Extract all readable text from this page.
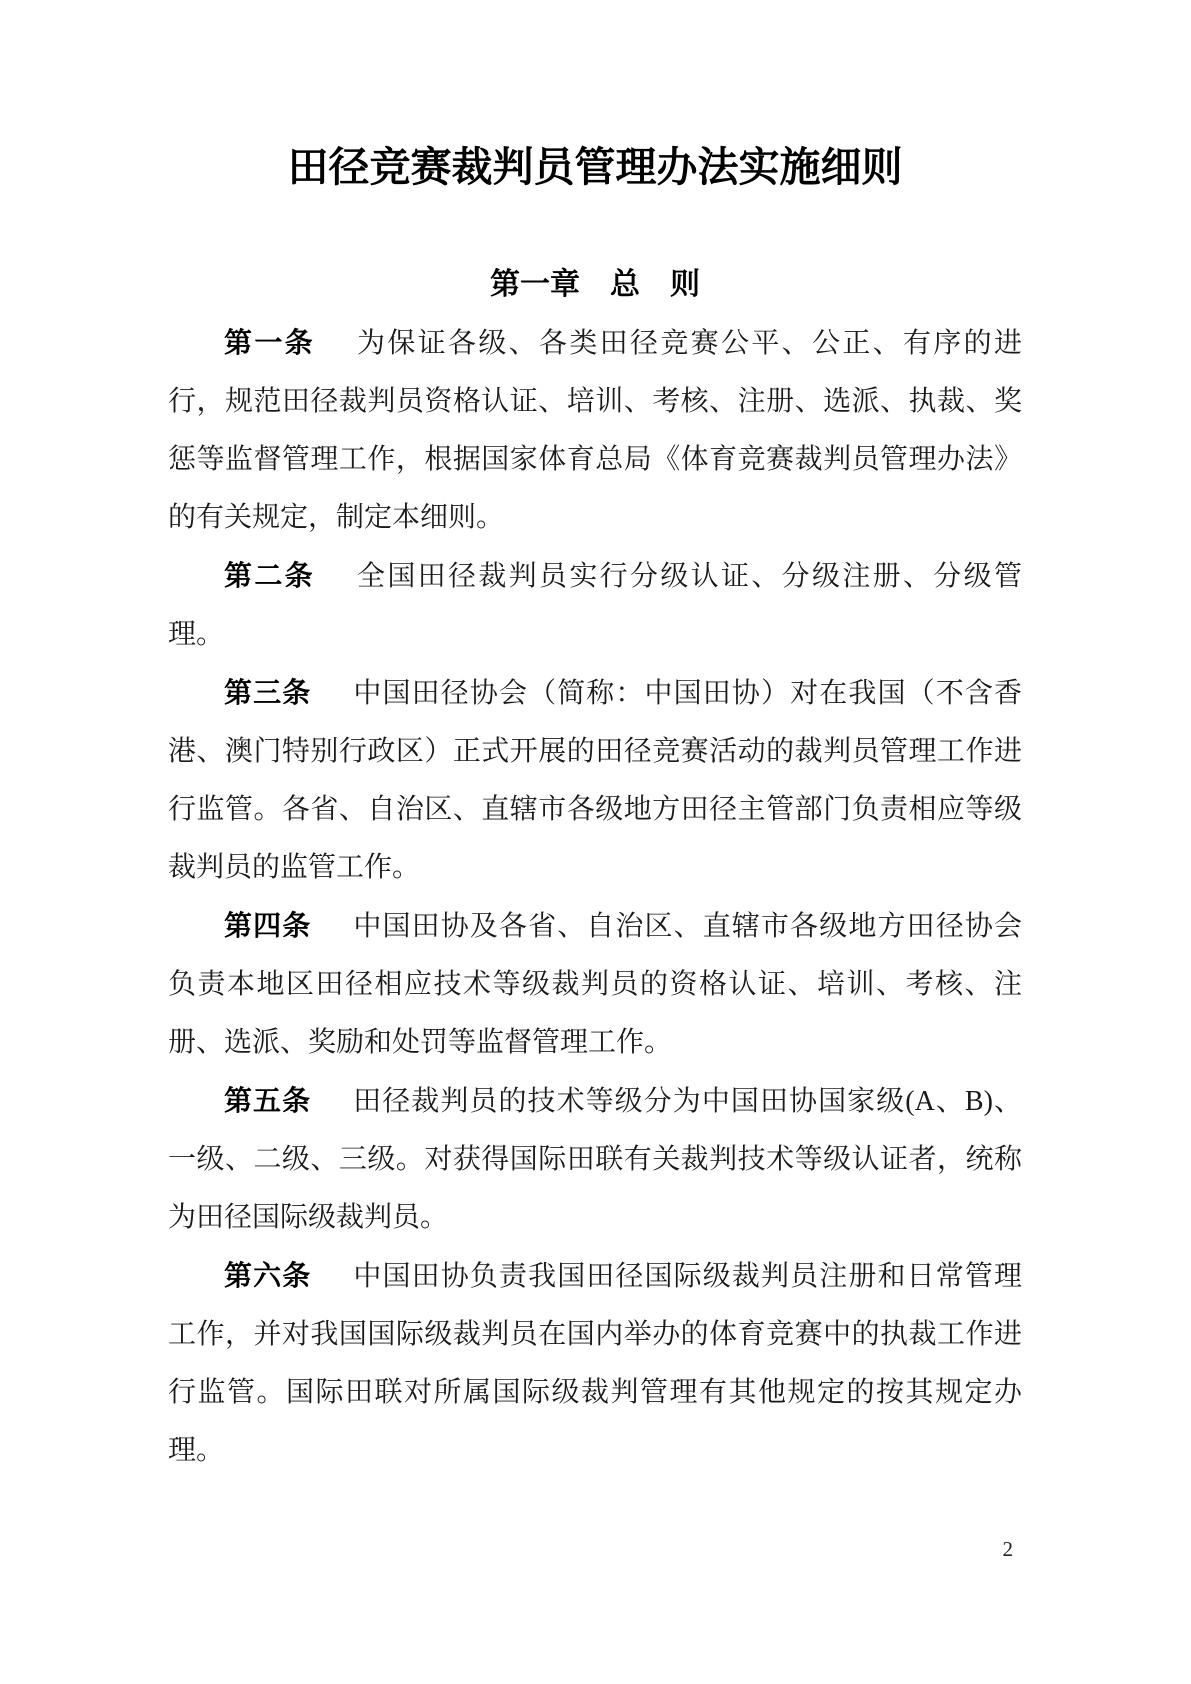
田径竞赛裁判员管理办法实施细则
第一章　总　则

第一条 为保证各级、各类田径竞赛公平、公正、有序的进行，规范田径裁判员资格认证、培训、考核、注册、选派、执裁、奖惩等监督管理工作，根据国家体育总局《体育竞赛裁判员管理办法》的有关规定，制定本细则。

第二条 全国田径裁判员实行分级认证、分级注册、分级管理。

第三条 中国田径协会（简称：中国田协）对在我国（不含香港、澳门特别行政区）正式开展的田径竞赛活动的裁判员管理工作进行监管。各省、自治区、直辖市各级地方田径主管部门负责相应等级裁判员的监管工作。

第四条 中国田协及各省、自治区、直辖市各级地方田径协会负责本地区田径相应技术等级裁判员的资格认证、培训、考核、注册、选派、奖励和处罚等监督管理工作。

第五条 田径裁判员的技术等级分为中国田协国家级(A、B)、一级、二级、三级。对获得国际田联有关裁判技术等级认证者，统称为田径国际级裁判员。

第六条 中国田协负责我国田径国际级裁判员注册和日常管理工作，并对我国国际级裁判员在国内举办的体育竞赛中的执裁工作进行监管。国际田联对所属国际级裁判管理有其他规定的按其规定办理。

2
